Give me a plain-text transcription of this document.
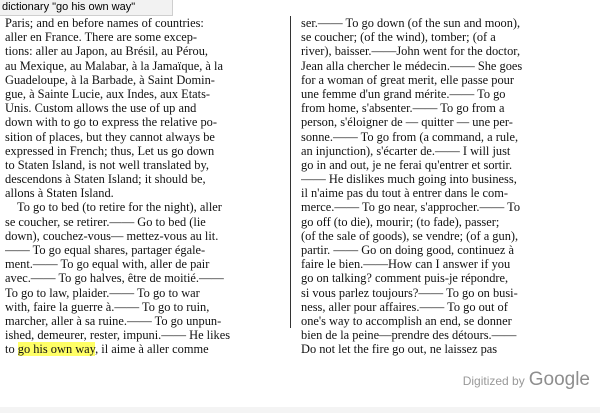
dictionary "go his own way"
Paris; and en before names of countries:
aller en France. There are some excep-
tions: aller au Japon, au Brésil, au Pérou,
au Mexique, au Malabar, à la Jamaïque, à la
Guadeloupe, à la Barbade, à Saint Domin-
gue, à Sainte Lucie, aux Indes, aux Etats-
Unis. Custom allows the use of up and
down with to go to express the relative po-
sition of places, but they cannot always be
expressed in French; thus, Let us go down
to Staten Island, is not well translated by,
descendons à Staten Island; it should be,
allons à Staten Island.
To go to bed (to retire for the night), aller
se coucher, se retirer.—— Go to bed (lie
down), couchez-vous— mettez-vous au lit.
—— To go equal shares, partager égale-
ment.—— To go equal with, aller de pair
avec.—— To go halves, être de moitié.——
To go to law, plaider.—— To go to war
with, faire la guerre à.—— To go to ruin,
marcher, aller à sa ruine.—— To go unpun-
ished, demeurer, rester, impuni.—— He likes
to go his own way, il aime à aller comme
ser.—— To go down (of the sun and moon),
se coucher; (of the wind), tomber; (of a
river), baisser.——John went for the doctor,
Jean alla chercher le médecin.—— She goes
for a woman of great merit, elle passe pour
une femme d'un grand mérite.—— To go
from home, s'absenter.—— To go from a
person, s'éloigner de — quitter — une per-
sonne.—— To go from (a command, a rule,
an injunction), s'écarter de.—— I will just
go in and out, je ne ferai qu'entrer et sortir.
—— He dislikes much going into business,
il n'aime pas du tout à entrer dans le com-
merce.—— To go near, s'approcher.—— To
go off (to die), mourir; (to fade), passer;
(of the sale of goods), se vendre; (of a gun),
partir. —— Go on doing good, continuez à
faire le bien.——How can I answer if you
go on talking? comment puis-je répondre,
si vous parlez toujours?—— To go on busi-
ness, aller pour affaires.—— To go out of
one's way to accomplish an end, se donner
bien de la peine—prendre des détours.——
Do not let the fire go out, ne laissez pas
Digitized by Google
